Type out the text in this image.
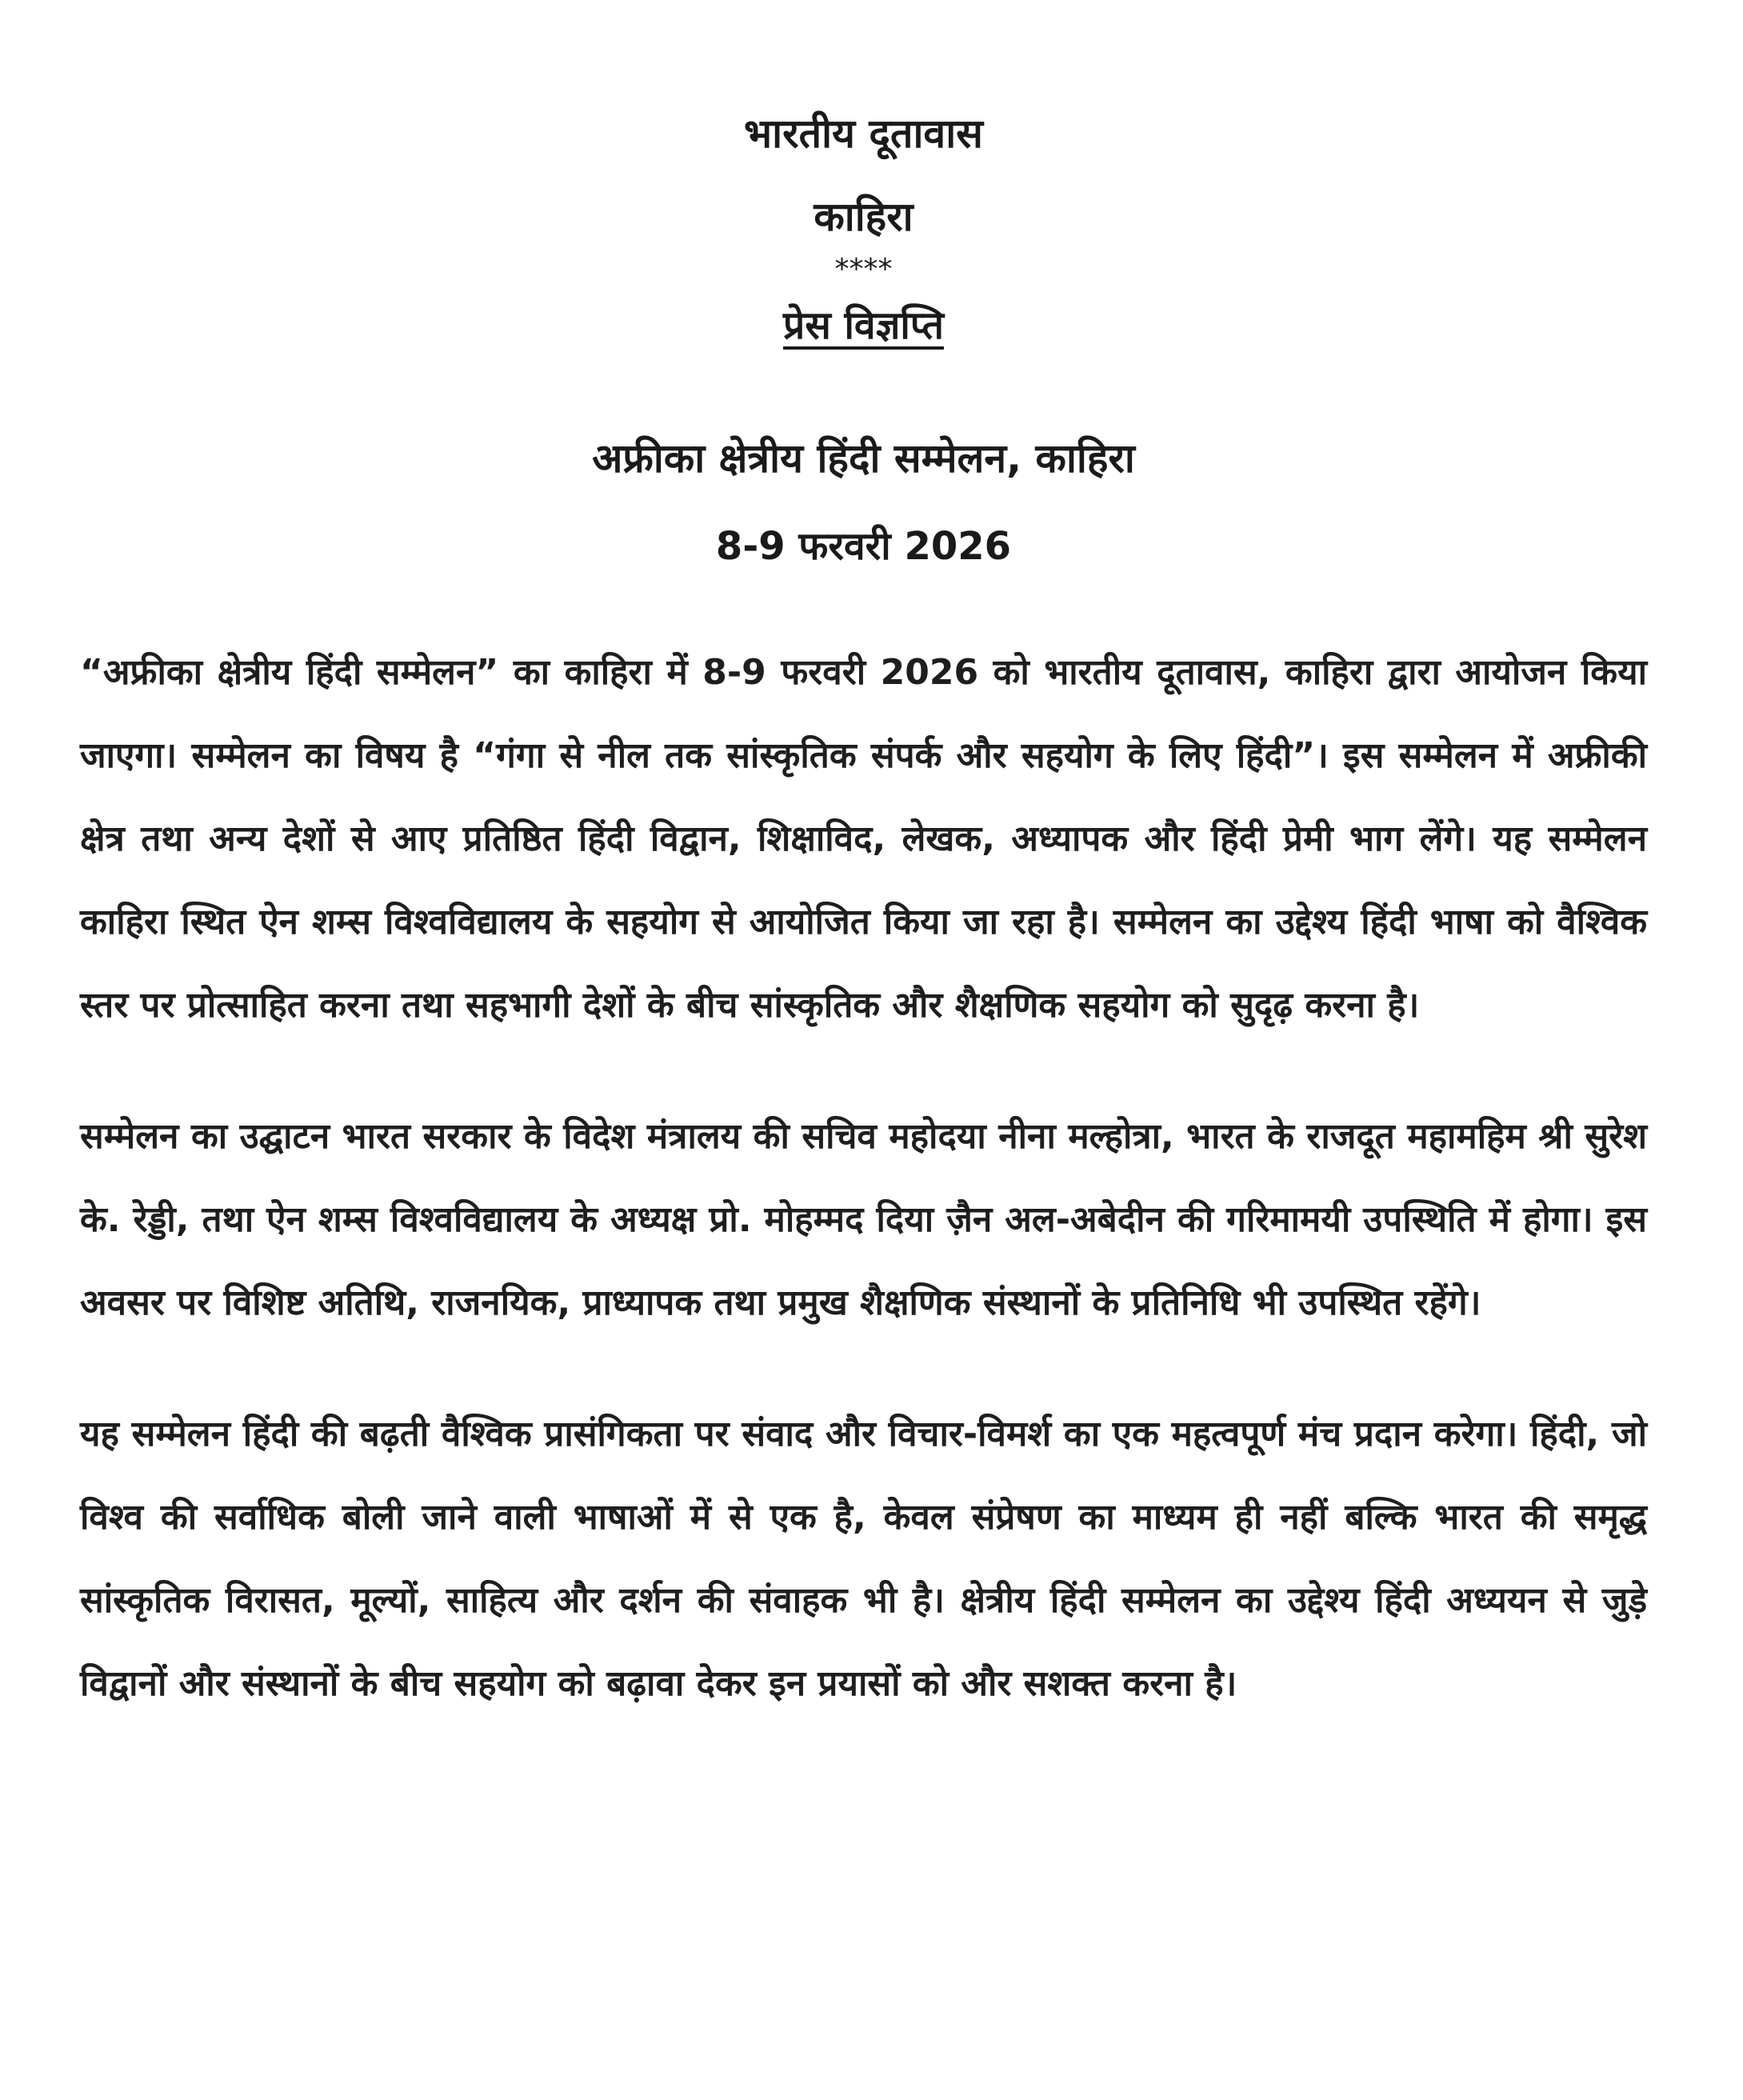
भारतीय दूतावास

काहिरा

****

प्रेस विज्ञप्ति

अफ्रीका क्षेत्रीय हिंदी सम्मेलन, काहिरा

8-9 फरवरी 2026

“अफ्रीका क्षेत्रीय हिंदी सम्मेलन” का काहिरा में 8-9 फरवरी 2026 को भारतीय दूतावास, काहिरा द्वारा आयोजन किया जाएगा। सम्मेलन का विषय है “गंगा से नील तक सांस्कृतिक संपर्क और सहयोग के लिए हिंदी”। इस सम्मेलन में अफ्रीकी क्षेत्र तथा अन्य देशों से आए प्रतिष्ठित हिंदी विद्वान, शिक्षाविद, लेखक, अध्यापक और हिंदी प्रेमी भाग लेंगे। यह सम्मेलन काहिरा स्थित ऐन शम्स विश्वविद्यालय के सहयोग से आयोजित किया जा रहा है। सम्मेलन का उद्देश्य हिंदी भाषा को वैश्विक स्तर पर प्रोत्साहित करना तथा सहभागी देशों के बीच सांस्कृतिक और शैक्षणिक सहयोग को सुदृढ़ करना है।

सम्मेलन का उद्घाटन भारत सरकार के विदेश मंत्रालय की सचिव महोदया नीना मल्होत्रा, भारत के राजदूत महामहिम श्री सुरेश के. रेड्डी, तथा ऐन शम्स विश्वविद्यालय के अध्यक्ष प्रो. मोहम्मद दिया ज़ैन अल-अबेदीन की गरिमामयी उपस्थिति में होगा। इस अवसर पर विशिष्ट अतिथि, राजनयिक, प्राध्यापक तथा प्रमुख शैक्षणिक संस्थानों के प्रतिनिधि भी उपस्थित रहेंगे।

यह सम्मेलन हिंदी की बढ़ती वैश्विक प्रासंगिकता पर संवाद और विचार-विमर्श का एक महत्वपूर्ण मंच प्रदान करेगा। हिंदी, जो विश्व की सर्वाधिक बोली जाने वाली भाषाओं में से एक है, केवल संप्रेषण का माध्यम ही नहीं बल्कि भारत की समृद्ध सांस्कृतिक विरासत, मूल्यों, साहित्य और दर्शन की संवाहक भी है। क्षेत्रीय हिंदी सम्मेलन का उद्देश्य हिंदी अध्ययन से जुड़े विद्वानों और संस्थानों के बीच सहयोग को बढ़ावा देकर इन प्रयासों को और सशक्त करना है।
